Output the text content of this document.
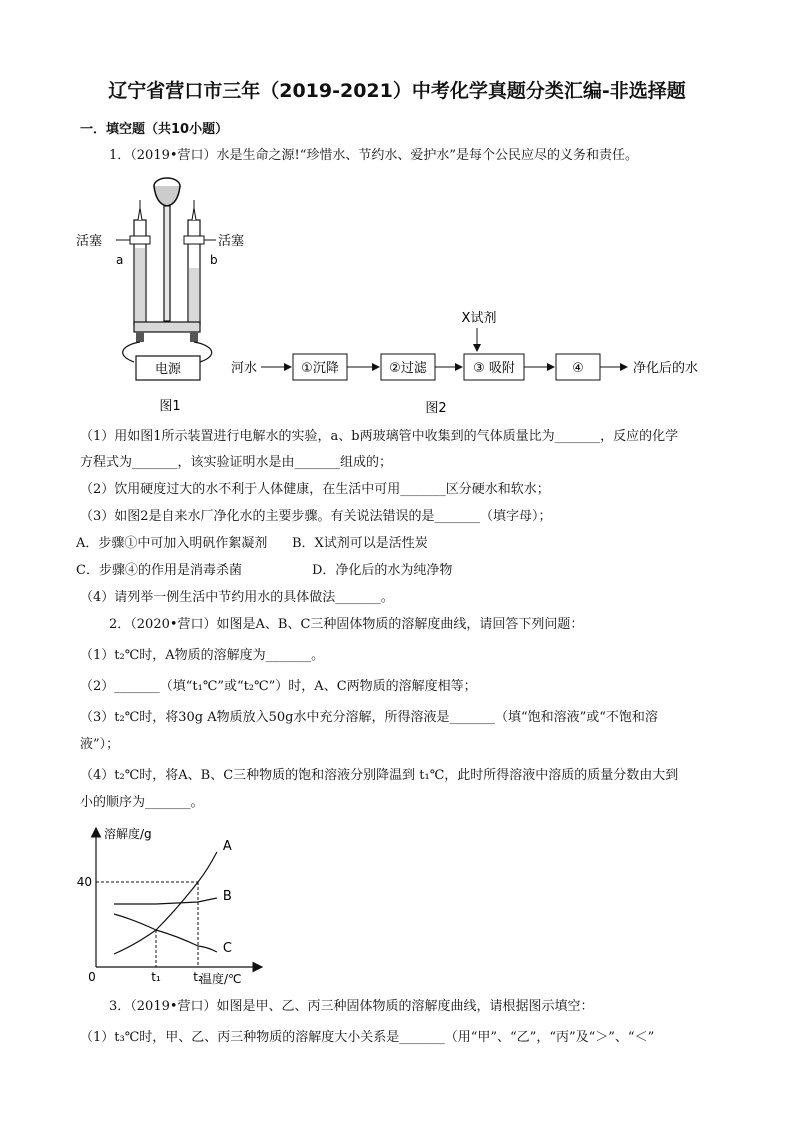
辽宁省营口市三年（2019-2021）中考化学真题分类汇编-非选择题
一．填空题（共10小题）
1．（2019•营口）水是生命之源!“珍惜水、节约水、爱护水”是每个公民应尽的义务和责任。
活塞	活塞
a	b
电源
图1
X试剂
河水	①沉降	②过滤	③ 吸附	④	净化后的水
图2
（1）用如图1所示装置进行电解水的实验，a、b两玻璃管中收集到的气体质量比为_______，反应的化学
方程式为_______，该实验证明水是由_______组成的；
（2）饮用硬度过大的水不利于人体健康，在生活中可用_______区分硬水和软水；
（3）如图2是自来水厂净化水的主要步骤。有关说法错误的是_______（填字母）；
A．步骤①中可加入明矾作絮凝剂 B．X试剂可以是活性炭
C．步骤④的作用是消毒杀菌	D．净化后的水为纯净物
（4）请列举一例生活中节约用水的具体做法_______。
2．（2020•营口）如图是A、B、C三种固体物质的溶解度曲线，请回答下列问题：
（1）t₂℃时，A物质的溶解度为_______。
（2）_______（填“t₁℃”或“t₂℃”）时，A、C两物质的溶解度相等；
（3）t₂℃时，将30g A物质放入50g水中充分溶解，所得溶液是_______（填“饱和溶液”或“不饱和溶
液”）；
（4）t₂℃时，将A、B、C三种物质的饱和溶液分别降温到 t₁℃，此时所得溶液中溶质的质量分数由大到
小的顺序为_______。
溶解度/g
温度/℃
0
40
t₁	t₂
A
B
C
3．（2019•营口）如图是甲、乙、丙三种固体物质的溶解度曲线，请根据图示填空：
（1）t₃℃时，甲、乙、丙三种物质的溶解度大小关系是_______（用“甲”、“乙”，“丙”及“＞”、“＜”
